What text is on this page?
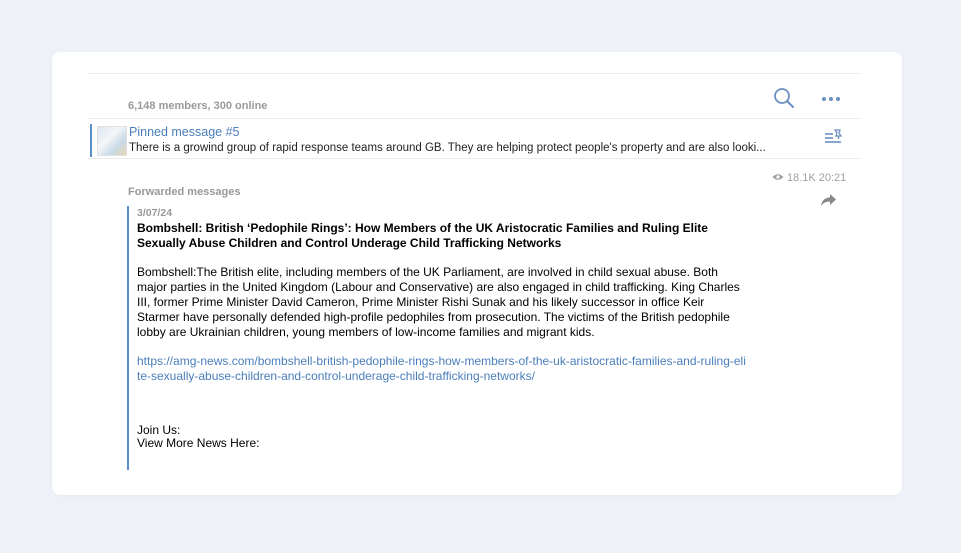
6,148 members, 300 online
Pinned message #5
There is a growind group of rapid response teams around GB. They are helping protect people's property and are also looki...
Forwarded messages
18.1K 20:21
3/07/24
Bombshell: British ‘Pedophile Rings’: How Members of the UK Aristocratic Families and Ruling Elite Sexually Abuse Children and Control Underage Child Trafficking Networks
Bombshell:The British elite, including members of the UK Parliament, are involved in child sexual abuse. Both major parties in the United Kingdom (Labour and Conservative) are also engaged in child trafficking. King Charles III, former Prime Minister David Cameron, Prime Minister Rishi Sunak and his likely successor in office Keir Starmer have personally defended high-profile pedophiles from prosecution. The victims of the British pedophile lobby are Ukrainian children, young members of low-income families and migrant kids.
https://amg-news.com/bombshell-british-pedophile-rings-how-members-of-the-uk-aristocratic-families-and-ruling-elite-sexually-abuse-children-and-control-underage-child-trafficking-networks/
Join Us:
View More News Here:
